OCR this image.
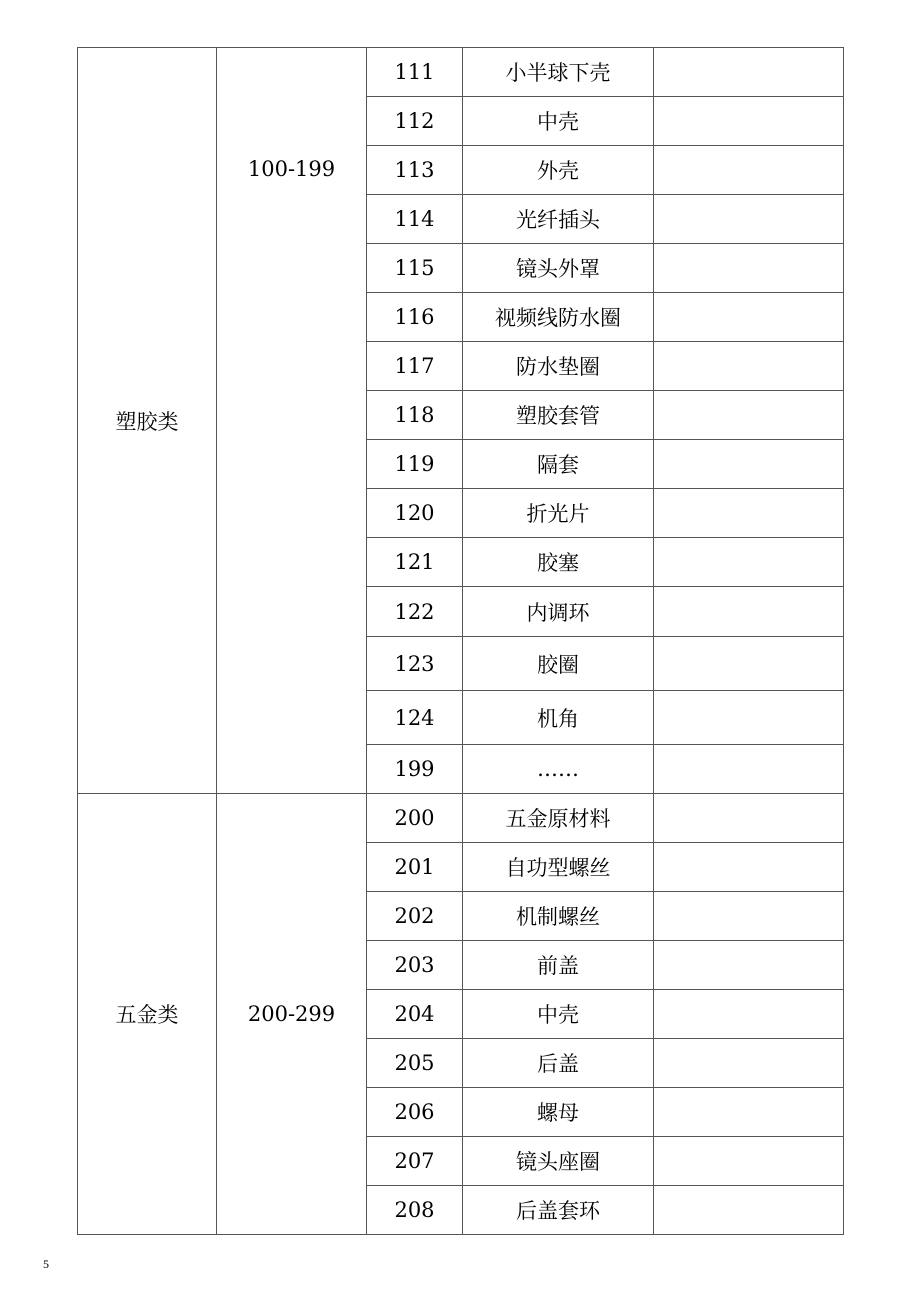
塑胶类	100-199	111	小半球下壳	
		112	中壳	
		113	外壳	
		114	光纤插头	
		115	镜头外罩	
		116	视频线防水圈	
		117	防水垫圈	
		118	塑胶套管	
		119	隔套	
		120	折光片	
		121	胶塞	
		122	内调环	
		123	胶圈	
		124	机角	
		199	……	
五金类	200-299	200	五金原材料	
		201	自功型螺丝	
		202	机制螺丝	
		203	前盖	
		204	中壳	
		205	后盖	
		206	螺母	
		207	镜头座圈	
		208	后盖套环	
5
